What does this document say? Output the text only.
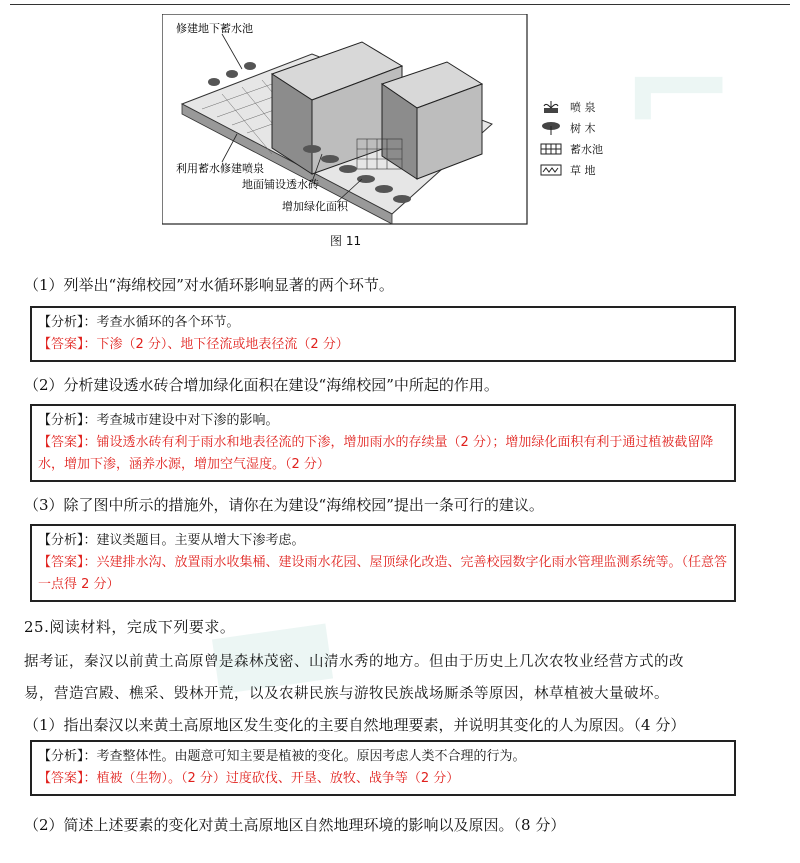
⌐
▬
修建地下蓄水池
利用蓄水修建喷泉
地面铺设透水砖
增加绿化面积
图 11
喷 泉
树 木
蓄水池
草 地
（1）列举出“海绵校园”对水循环影响显著的两个环节。
【分析】：考查水循环的各个环节。
【答案】：下渗（2 分）、地下径流或地表径流（2 分）
（2）分析建设透水砖合增加绿化面积在建设“海绵校园”中所起的作用。
【分析】：考查城市建设中对下渗的影响。
【答案】：铺设透水砖有利于雨水和地表径流的下渗，增加雨水的存续量（2 分）；增加绿化面积有利于通过植被截留降水，增加下渗，涵养水源，增加空气湿度。（2 分）
（3）除了图中所示的措施外，请你在为建设“海绵校园”提出一条可行的建议。
【分析】：建议类题目。主要从增大下渗考虑。
【答案】：兴建排水沟、放置雨水收集桶、建设雨水花园、屋顶绿化改造、完善校园数字化雨水管理监测系统等。（任意答一点得 2 分）
25.阅读材料，完成下列要求。
据考证，秦汉以前黄土高原曾是森林茂密、山清水秀的地方。但由于历史上几次农牧业经营方式的改
易，营造宫殿、樵采、毁林开荒，以及农耕民族与游牧民族战场厮杀等原因，林草植被大量破坏。
（1）指出秦汉以来黄土高原地区发生变化的主要自然地理要素，并说明其变化的人为原因。（4 分）
【分析】：考查整体性。由题意可知主要是植被的变化。原因考虑人类不合理的行为。
【答案】：植被（生物）。（2 分）过度砍伐、开垦、放牧、战争等（2 分）
（2）简述上述要素的变化对黄土高原地区自然地理环境的影响以及原因。（8 分）
